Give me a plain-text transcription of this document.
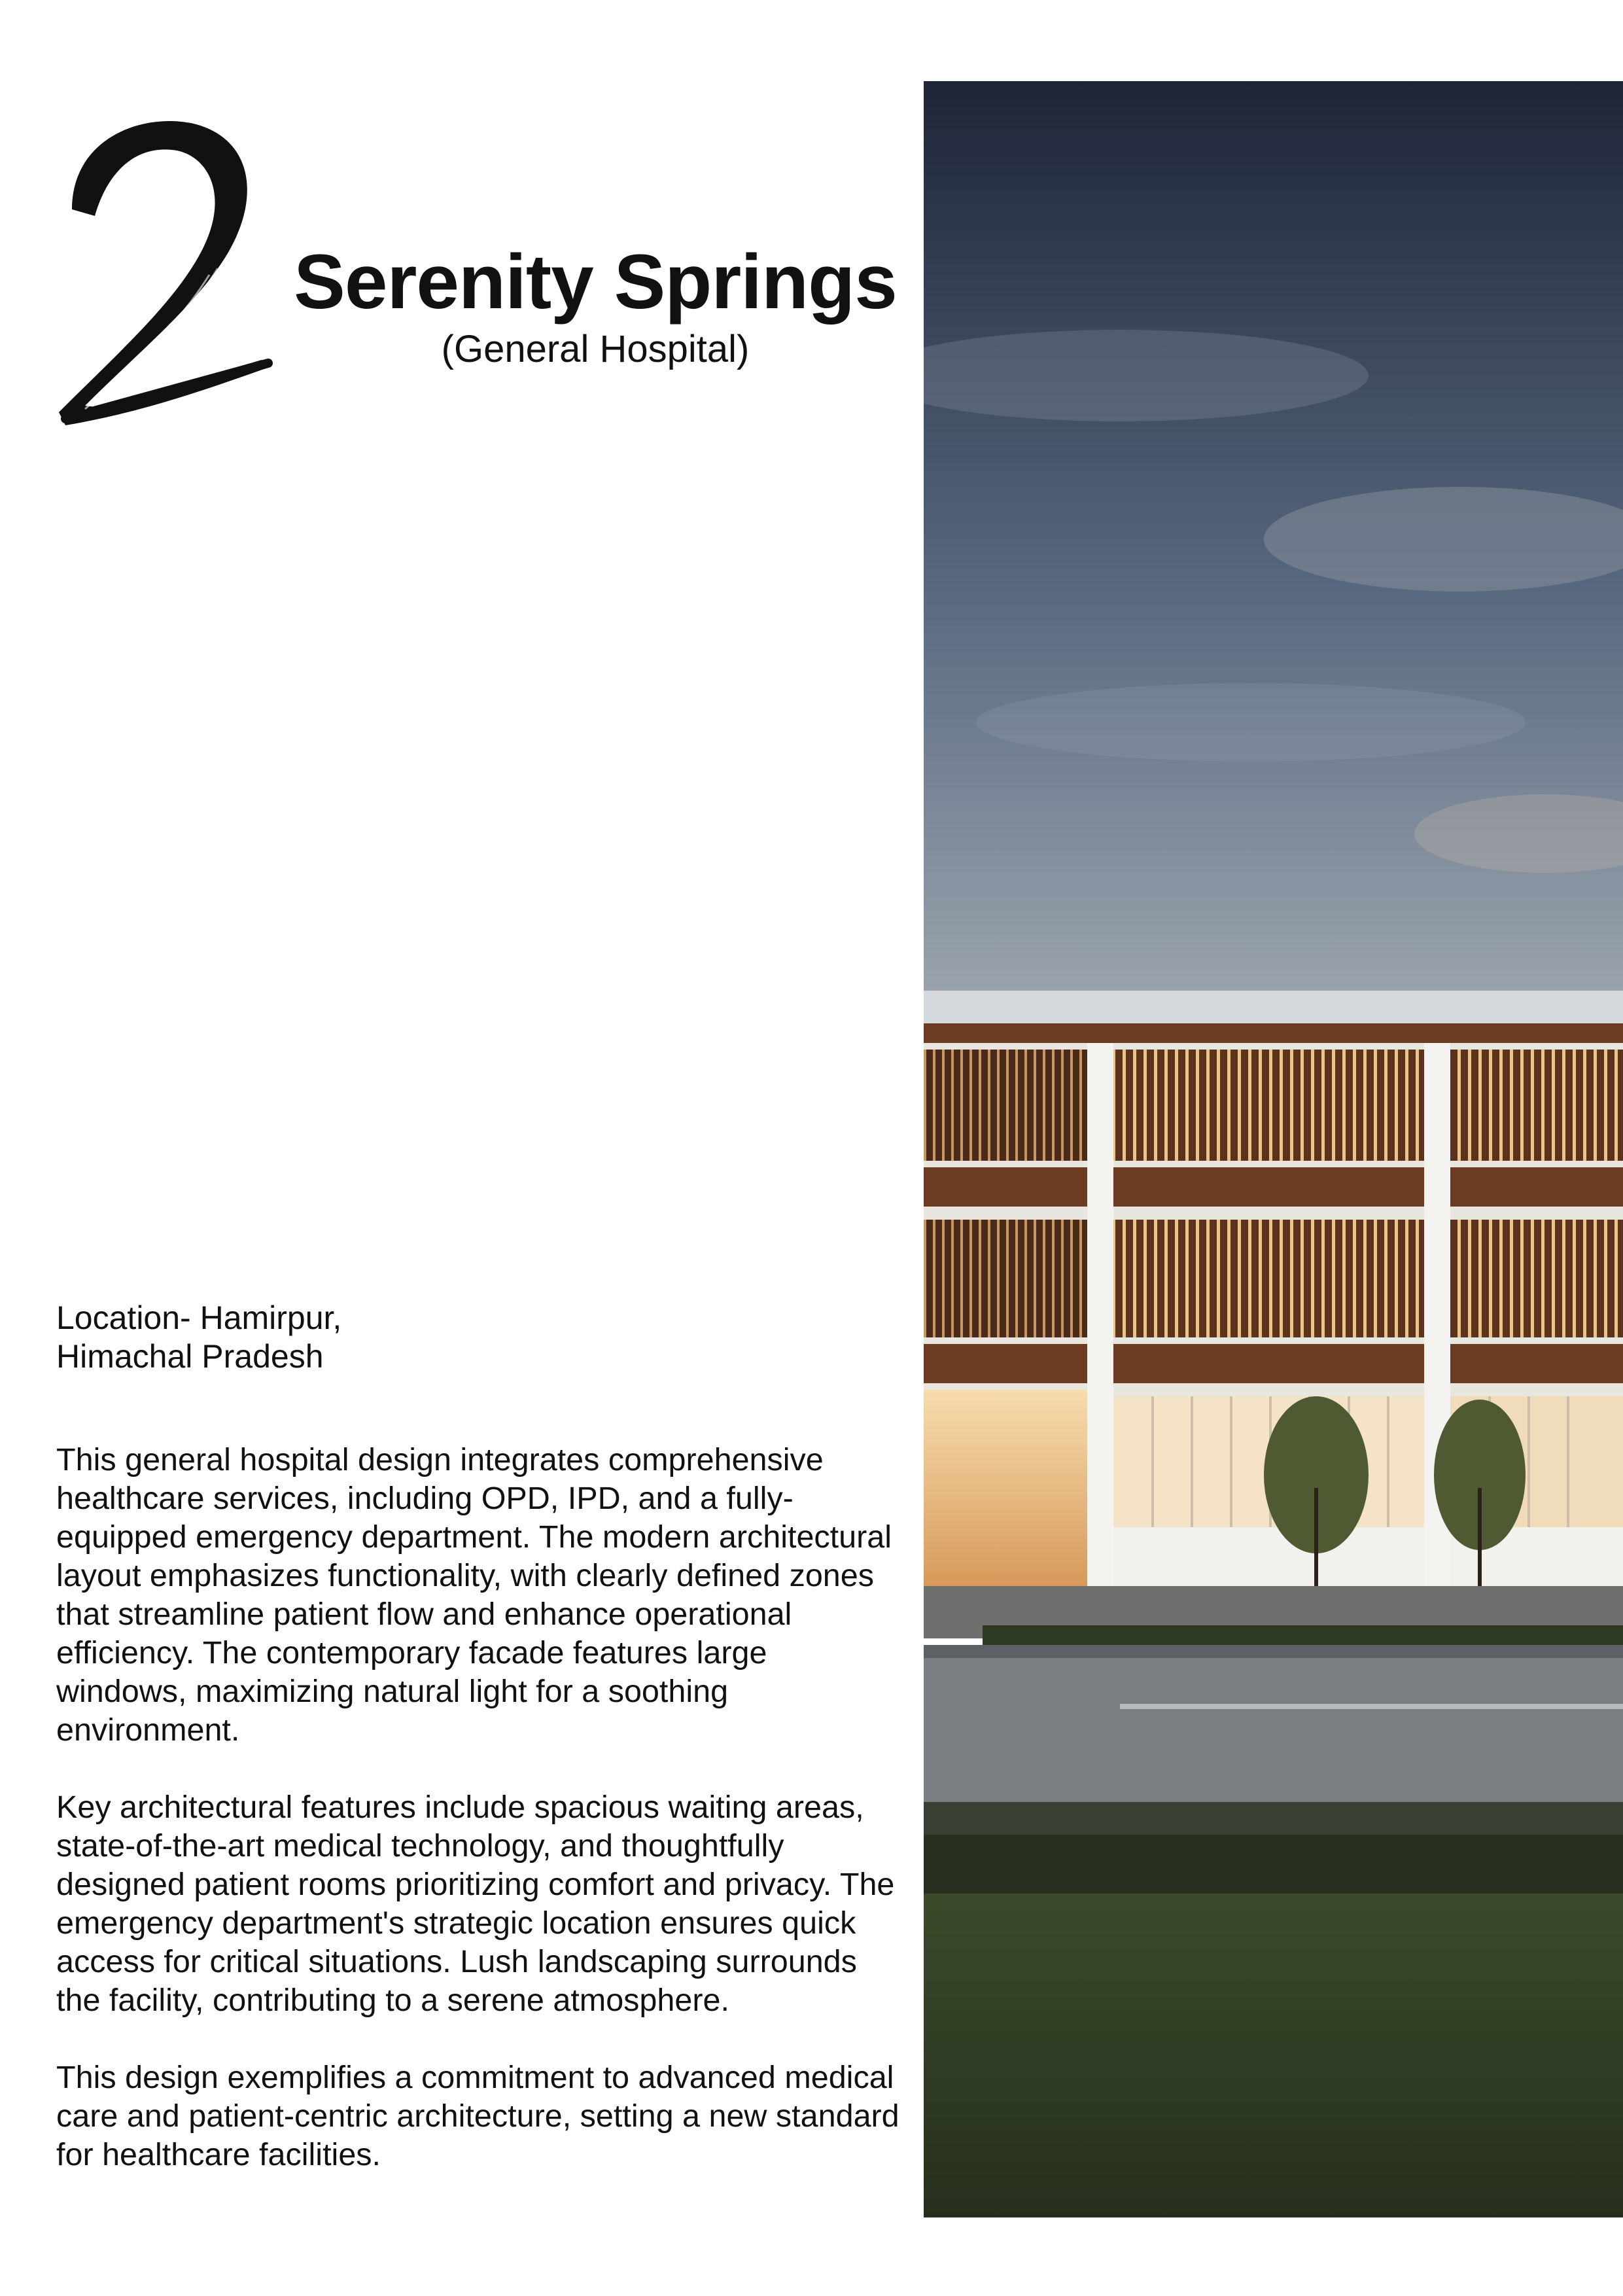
Serenity Springs
(General Hospital)
Location- Hamirpur,
Himachal Pradesh

This general hospital design integrates comprehensive healthcare services, including OPD, IPD, and a fully-equipped emergency department. The modern architectural layout emphasizes functionality, with clearly defined zones that streamline patient flow and enhance operational efficiency. The contemporary facade features large windows, maximizing natural light for a soothing environment.

Key architectural features include spacious waiting areas, state-of-the-art medical technology, and thoughtfully designed patient rooms prioritizing comfort and privacy. The emergency department's strategic location ensures quick access for critical situations. Lush landscaping surrounds the facility, contributing to a serene atmosphere.

This design exemplifies a commitment to advanced medical care and patient-centric architecture, setting a new standard for healthcare facilities.
